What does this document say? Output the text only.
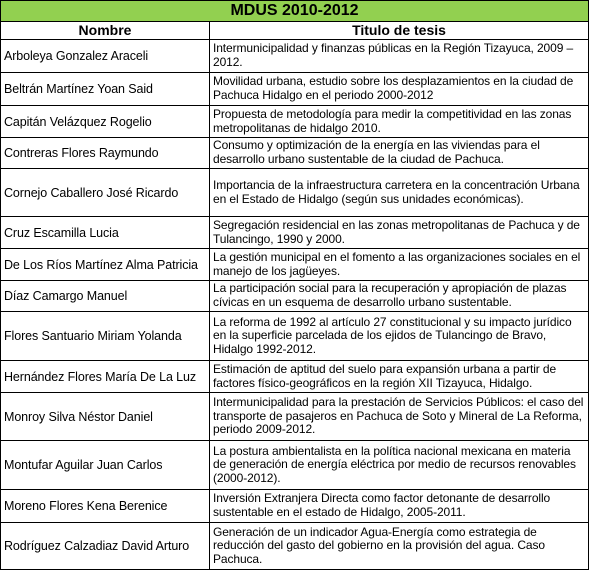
MDUS 2010-2012	
Nombre	Titulo de tesis
Arboleya Gonzalez Araceli	Intermunicipalidad y finanzas públicas en la Región Tizayuca, 2009 – 2012.
Beltrán Martínez Yoan Said	Movilidad urbana, estudio sobre los desplazamientos en la ciudad de Pachuca Hidalgo en el periodo 2000-2012
Capitán Velázquez Rogelio	Propuesta de metodología para medir la competitividad en las zonas metropolitanas de hidalgo 2010.
Contreras Flores Raymundo	Consumo y optimización de la energía en las viviendas para el desarrollo urbano sustentable de la ciudad de Pachuca.
Cornejo Caballero José Ricardo	Importancia de la infraestructura carretera en la concentración Urbana en el Estado de Hidalgo (según sus unidades económicas).
Cruz Escamilla Lucia	Segregación residencial en las zonas metropolitanas de Pachuca y de Tulancingo, 1990 y 2000.
De Los Ríos Martínez Alma Patricia	La gestión municipal en el fomento a las organizaciones sociales en el manejo de los jagüeyes.
Díaz Camargo Manuel	La participación social para la recuperación y apropiación de plazas cívicas en un esquema de desarrollo urbano sustentable.
Flores Santuario Miriam Yolanda	La reforma de 1992 al artículo 27 constitucional y su impacto jurídico en la superficie parcelada de los ejidos de Tulancingo de Bravo, Hidalgo 1992-2012.
Hernández Flores María De La Luz	Estimación de aptitud del suelo para expansión urbana a partir de factores físico-geográficos en la región XII Tizayuca, Hidalgo.
Monroy Silva Néstor Daniel	Intermunicipalidad para la prestación de Servicios Públicos: el caso del transporte de pasajeros en Pachuca de Soto y Mineral de La Reforma, periodo 2009-2012.
Montufar Aguilar Juan Carlos	La postura ambientalista en la política nacional mexicana en materia de generación de energía eléctrica por medio de recursos renovables (2000-2012).
Moreno Flores Kena Berenice	Inversión Extranjera Directa como factor detonante de desarrollo sustentable en el estado de Hidalgo, 2005-2011.
Rodríguez Calzadiaz David Arturo	Generación de un indicador Agua-Energía como estrategia de reducción del gasto del gobierno en la provisión del agua. Caso Pachuca.
